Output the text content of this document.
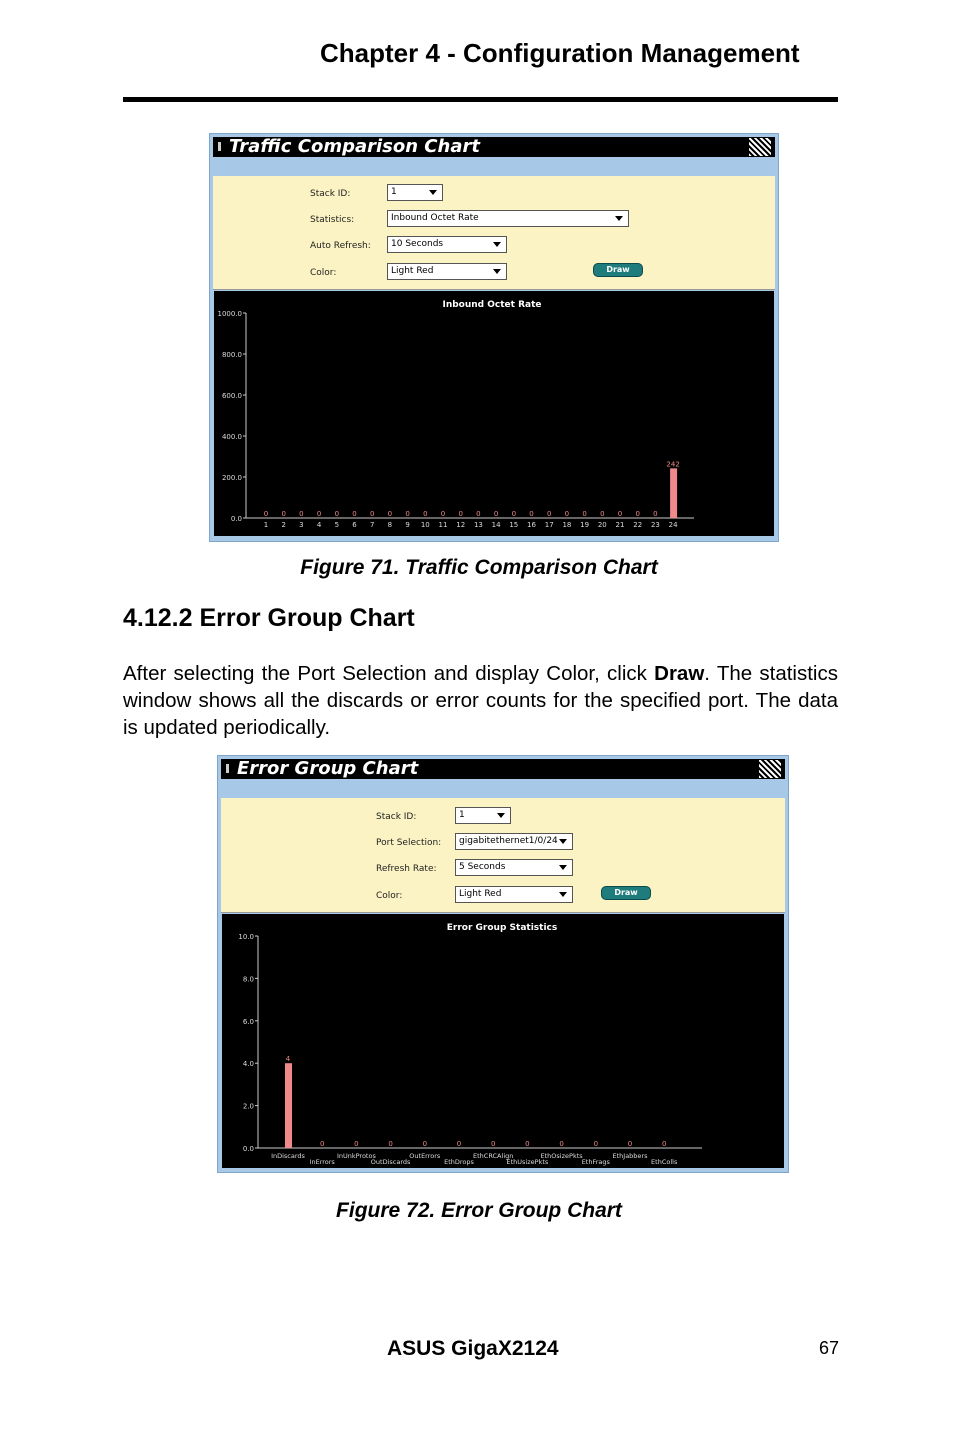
Chapter 4 - Configuration Management
Traffic Comparison Chart
Stack ID:	1
Statistics:	Inbound Octet Rate
Auto Refresh:	10 Seconds
Color:	Light Red	Draw
Inbound Octet Rate
0.0
200.0
400.0
600.0
800.0
1000.0
0
1
0
2
0
3
0
4
0
5
0
6
0
7
0
8
0
9
0
10
0
11
0
12
0
13
0
14
0
15
0
16
0
17
0
18
0
19
0
20
0
21
0
22
0
23
242
24
Figure 71. Traffic Comparison Chart
4.12.2 Error Group Chart
After selecting the Port Selection and display Color, click Draw. The statistics window shows all the discards or error counts for the specified port. The data is updated periodically.
Error Group Chart
Stack ID:	1
Port Selection:	gigabitethernet1/0/24
Refresh Rate:	5 Seconds
Color:	Light Red	Draw
Error Group Statistics
0.0
2.0
4.0
6.0
8.0
10.0
4
InDiscards
0
InErrors
0
InUnkProtos
0
OutDiscards
0
OutErrors
0
EthDrops
0
EthCRCAlign
0
EthUsizePkts
0
EthOsizePkts
0
EthFrags
0
EthJabbers
0
EthColls
Figure 72. Error Group Chart
ASUS GigaX2124	67
